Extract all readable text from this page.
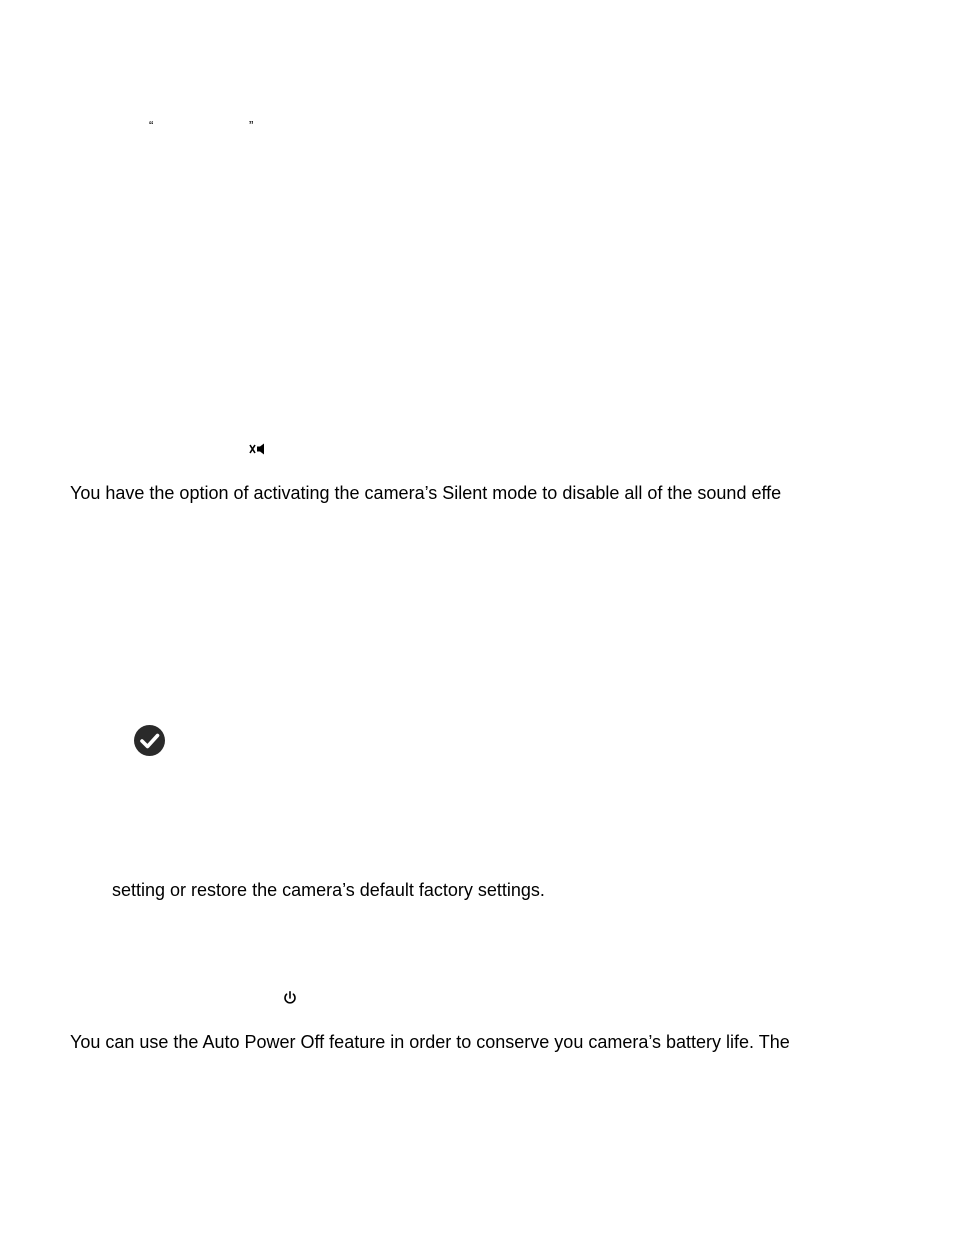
“	”
You have the option of activating the camera’s Silent mode to disable all of the sound effe
setting or restore the camera’s default factory settings.
You can use the Auto Power Off feature in order to conserve you camera’s battery life. The
